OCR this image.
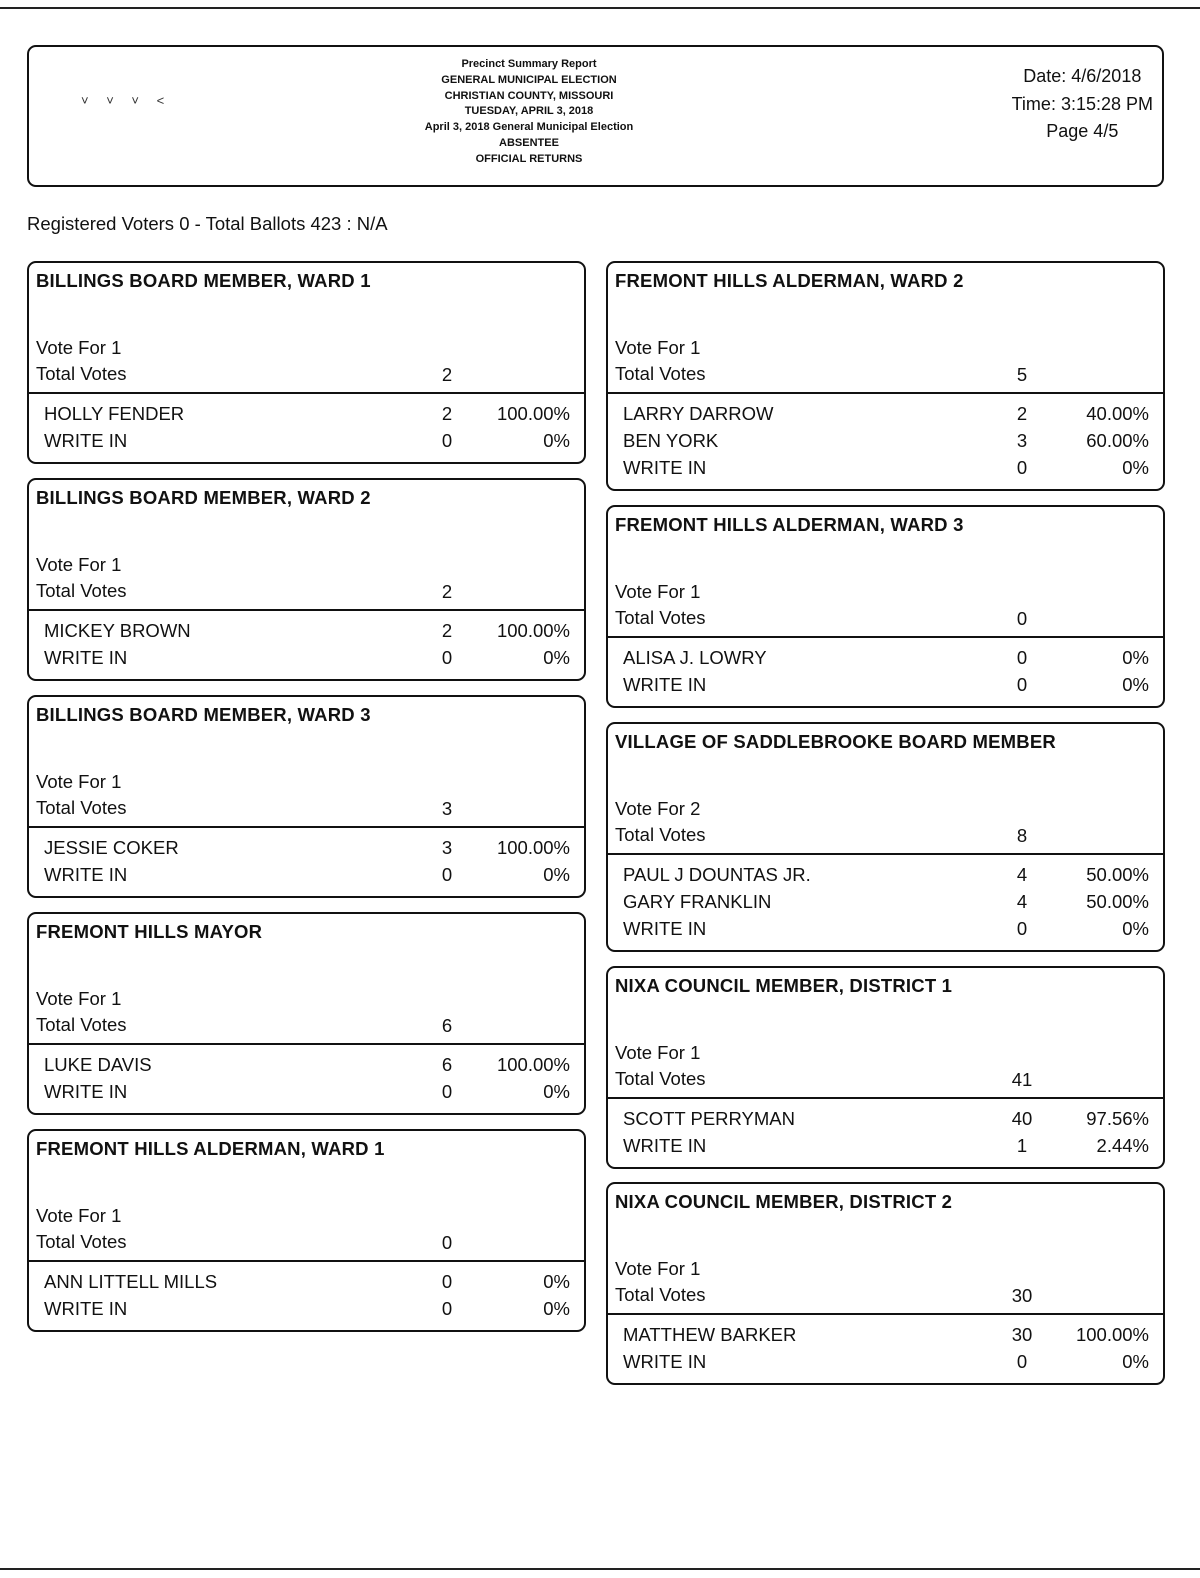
˅ ˅ ˅ ˂
Precinct Summary Report
GENERAL MUNICIPAL ELECTION
CHRISTIAN COUNTY, MISSOURI
TUESDAY, APRIL 3, 2018
April 3, 2018 General Municipal Election
ABSENTEE
OFFICIAL RETURNS
Date: 4/6/2018
Time: 3:15:28 PM
Page 4/5
Registered Voters 0 - Total Ballots 423 : N/A
BILLINGS BOARD MEMBER, WARD 1
Vote For 1
Total Votes	2
HOLLY FENDER	2	100.00%
WRITE IN	0	0%
BILLINGS BOARD MEMBER, WARD 2
Vote For 1
Total Votes	2
MICKEY BROWN	2	100.00%
WRITE IN	0	0%
BILLINGS BOARD MEMBER, WARD 3
Vote For 1
Total Votes	3
JESSIE COKER	3	100.00%
WRITE IN	0	0%
FREMONT HILLS MAYOR
Vote For 1
Total Votes	6
LUKE DAVIS	6	100.00%
WRITE IN	0	0%
FREMONT HILLS ALDERMAN, WARD 1
Vote For 1
Total Votes	0
ANN LITTELL MILLS	0	0%
WRITE IN	0	0%
FREMONT HILLS ALDERMAN, WARD 2
Vote For 1
Total Votes	5
LARRY DARROW	2	40.00%
BEN YORK	3	60.00%
WRITE IN	0	0%
FREMONT HILLS ALDERMAN, WARD 3
Vote For 1
Total Votes	0
ALISA J. LOWRY	0	0%
WRITE IN	0	0%
VILLAGE OF SADDLEBROOKE BOARD MEMBER
Vote For 2
Total Votes	8
PAUL J DOUNTAS JR.	4	50.00%
GARY FRANKLIN	4	50.00%
WRITE IN	0	0%
NIXA COUNCIL MEMBER, DISTRICT 1
Vote For 1
Total Votes	41
SCOTT PERRYMAN	40	97.56%
WRITE IN	1	2.44%
NIXA COUNCIL MEMBER, DISTRICT 2
Vote For 1
Total Votes	30
MATTHEW BARKER	30	100.00%
WRITE IN	0	0%
